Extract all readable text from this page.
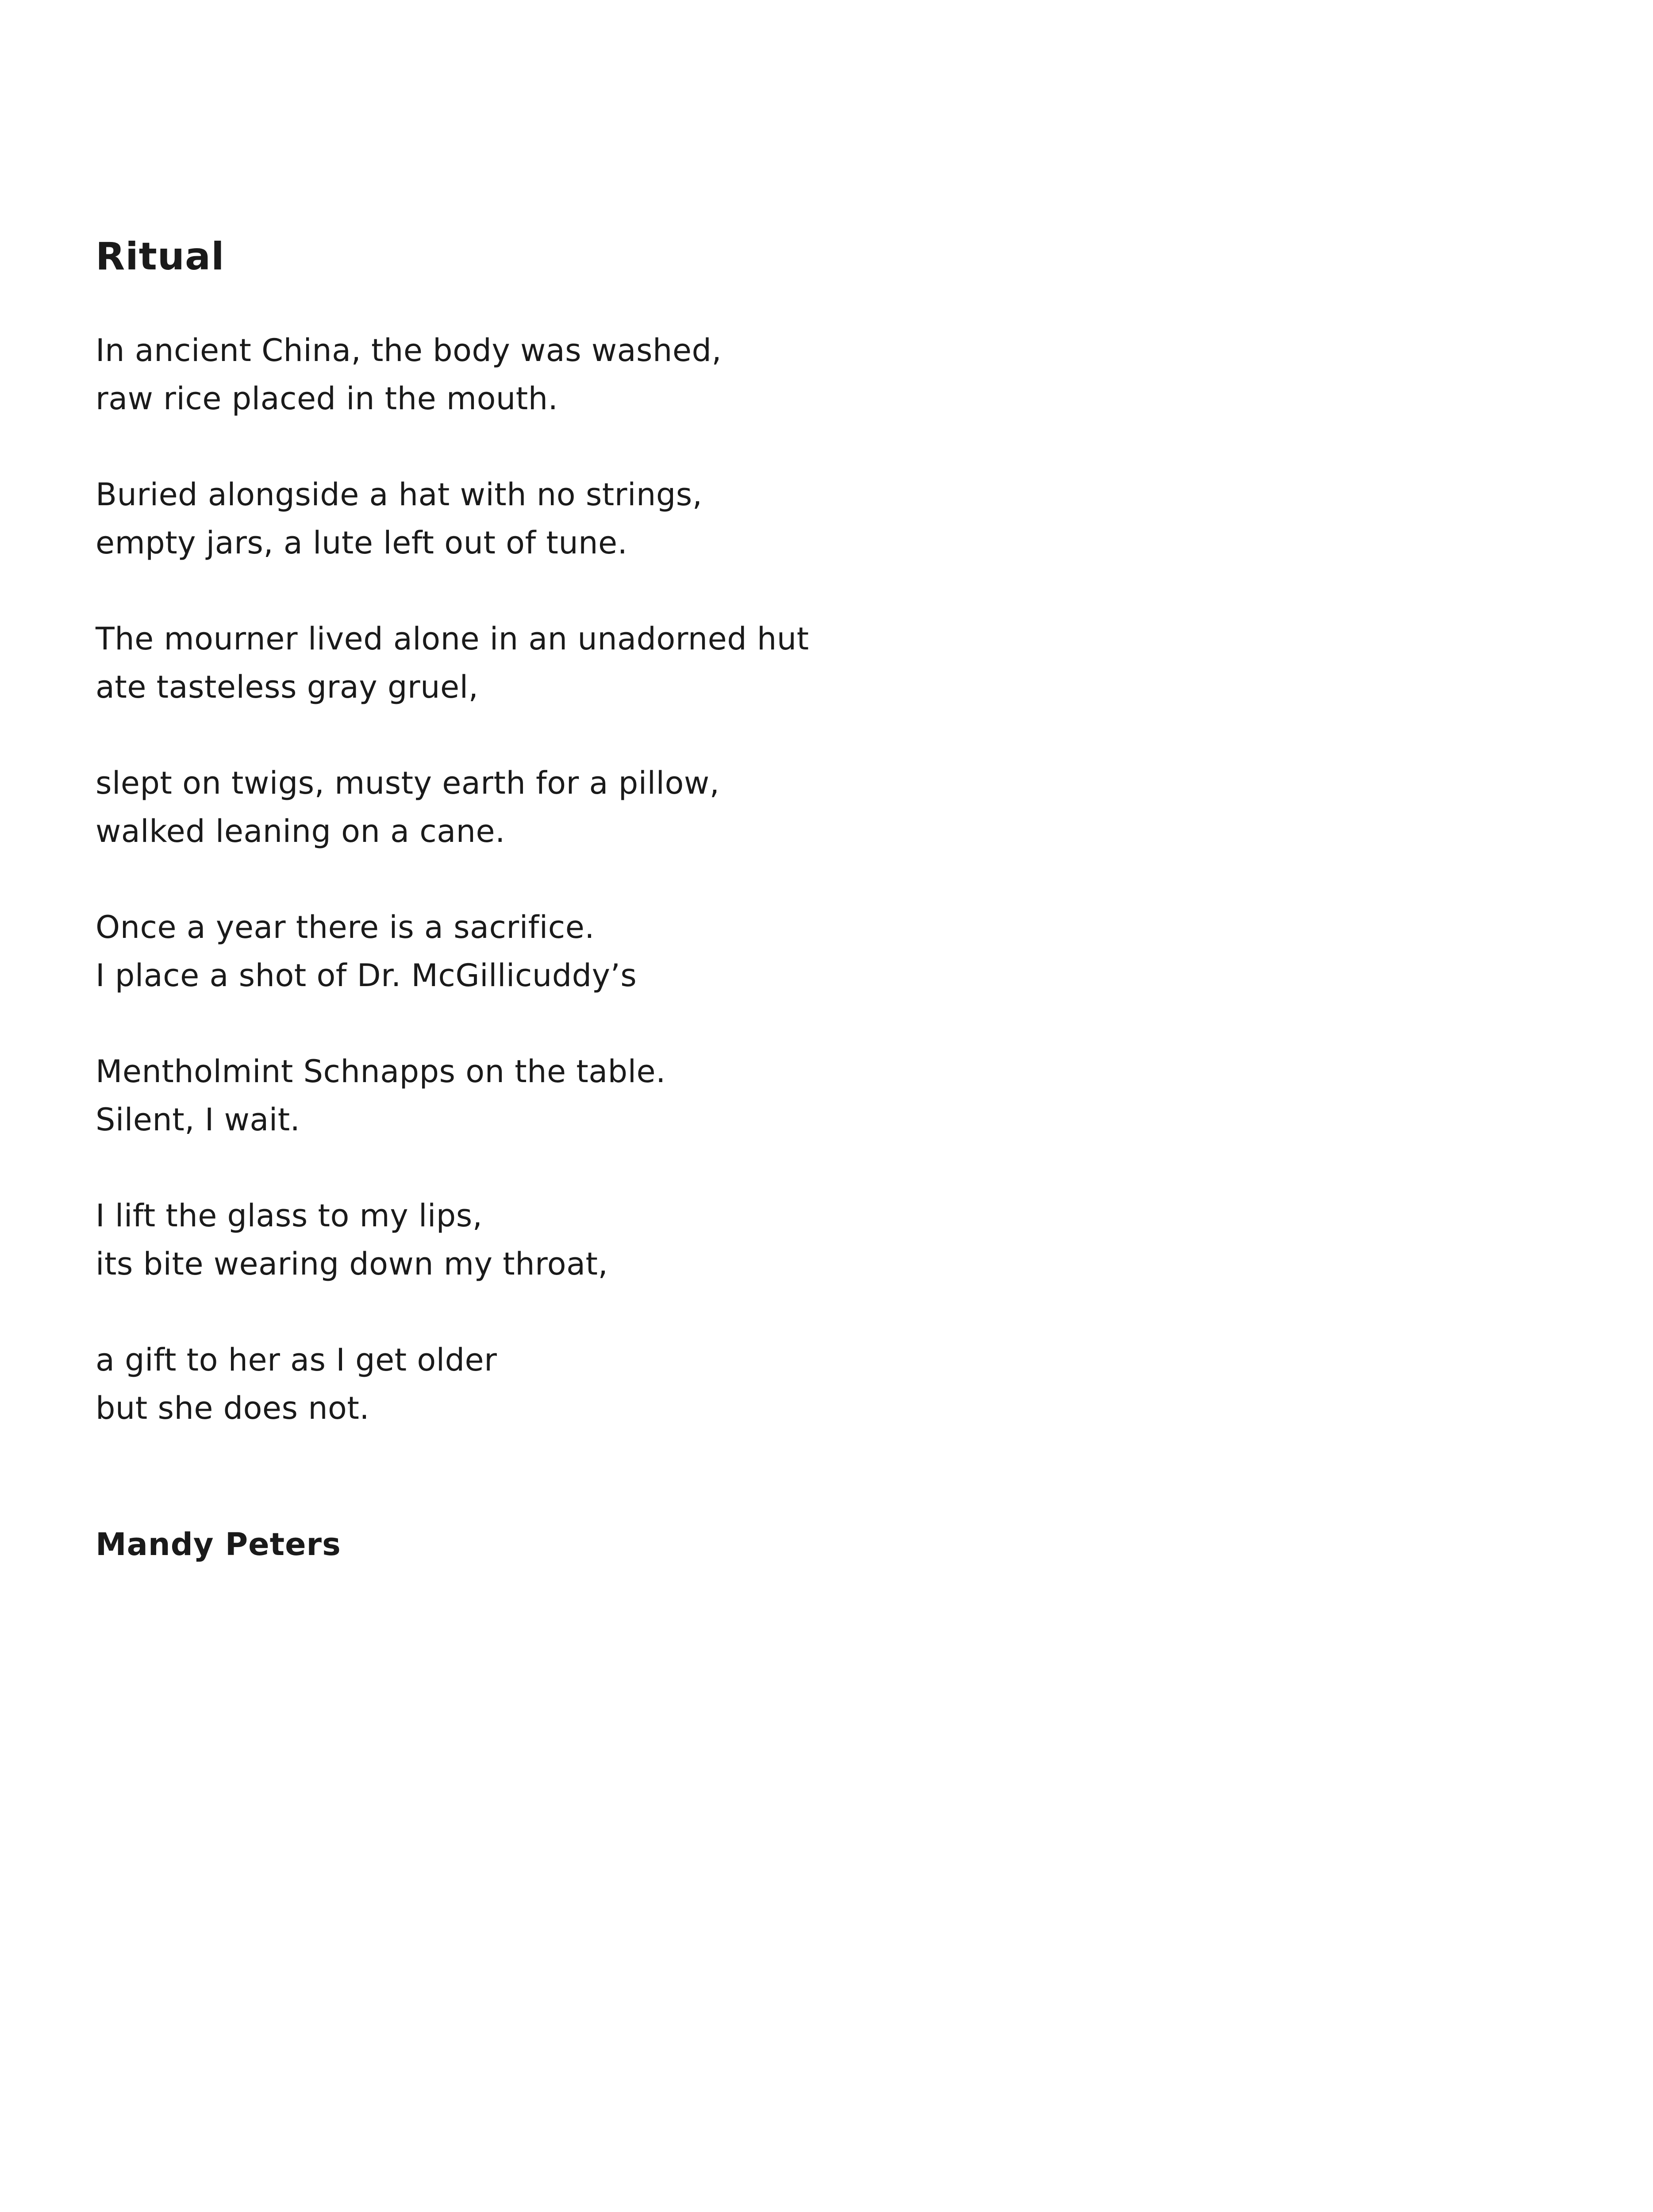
Ritual

In ancient China, the body was washed,
raw rice placed in the mouth.

Buried alongside a hat with no strings,
empty jars, a lute left out of tune.

The mourner lived alone in an unadorned hut
ate tasteless gray gruel,

slept on twigs, musty earth for a pillow,
walked leaning on a cane.

Once a year there is a sacrifice.
I place a shot of Dr. McGillicuddy’s

Mentholmint Schnapps on the table.
Silent, I wait.

I lift the glass to my lips,
its bite wearing down my throat,

a gift to her as I get older
but she does not.

Mandy Peters
